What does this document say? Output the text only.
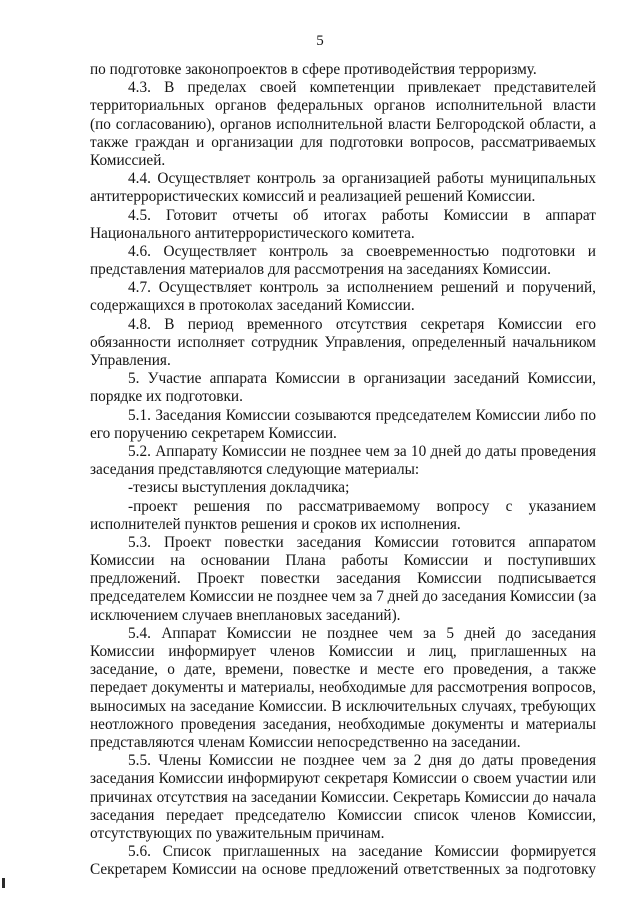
5
по подготовке законопроектов в сфере противодействия терроризму.
4.3. В пределах своей компетенции привлекает представителей
территориальных органов федеральных органов исполнительной власти
(по согласованию), органов исполнительной власти Белгородской области, а
также граждан и организации для подготовки вопросов, рассматриваемых
Комиссией.
4.4. Осуществляет контроль за организацией работы муниципальных
антитеррористических комиссий и реализацией решений Комиссии.
4.5. Готовит отчеты об итогах работы Комиссии в аппарат
Национального антитеррористического комитета.
4.6. Осуществляет контроль за своевременностью подготовки и
представления материалов для рассмотрения на заседаниях Комиссии.
4.7. Осуществляет контроль за исполнением решений и поручений,
содержащихся в протоколах заседаний Комиссии.
4.8. В период временного отсутствия секретаря Комиссии его
обязанности исполняет сотрудник Управления, определенный начальником
Управления.
5. Участие аппарата Комиссии в организации заседаний Комиссии,
порядке их подготовки.
5.1. Заседания Комиссии созываются председателем Комиссии либо по
его поручению секретарем Комиссии.
5.2. Аппарату Комиссии не позднее чем за 10 дней до даты проведения
заседания представляются следующие материалы:
-тезисы выступления докладчика;
-проект решения по рассматриваемому вопросу с указанием
исполнителей пунктов решения и сроков их исполнения.
5.3. Проект повестки заседания Комиссии готовится аппаратом
Комиссии на основании Плана работы Комиссии и поступивших
предложений. Проект повестки заседания Комиссии подписывается
председателем Комиссии не позднее чем за 7 дней до заседания Комиссии (за
исключением случаев внеплановых заседаний).
5.4. Аппарат Комиссии не позднее чем за 5 дней до заседания
Комиссии информирует членов Комиссии и лиц, приглашенных на
заседание, о дате, времени, повестке и месте его проведения, а также
передает документы и материалы, необходимые для рассмотрения вопросов,
выносимых на заседание Комиссии. В исключительных случаях, требующих
неотложного проведения заседания, необходимые документы и материалы
представляются членам Комиссии непосредственно на заседании.
5.5. Члены Комиссии не позднее чем за 2 дня до даты проведения
заседания Комиссии информируют секретаря Комиссии о своем участии или
причинах отсутствия на заседании Комиссии. Секретарь Комиссии до начала
заседания передает председателю Комиссии список членов Комиссии,
отсутствующих по уважительным причинам.
5.6. Список приглашенных на заседание Комиссии формируется
Секретарем Комиссии на основе предложений ответственных за подготовку
